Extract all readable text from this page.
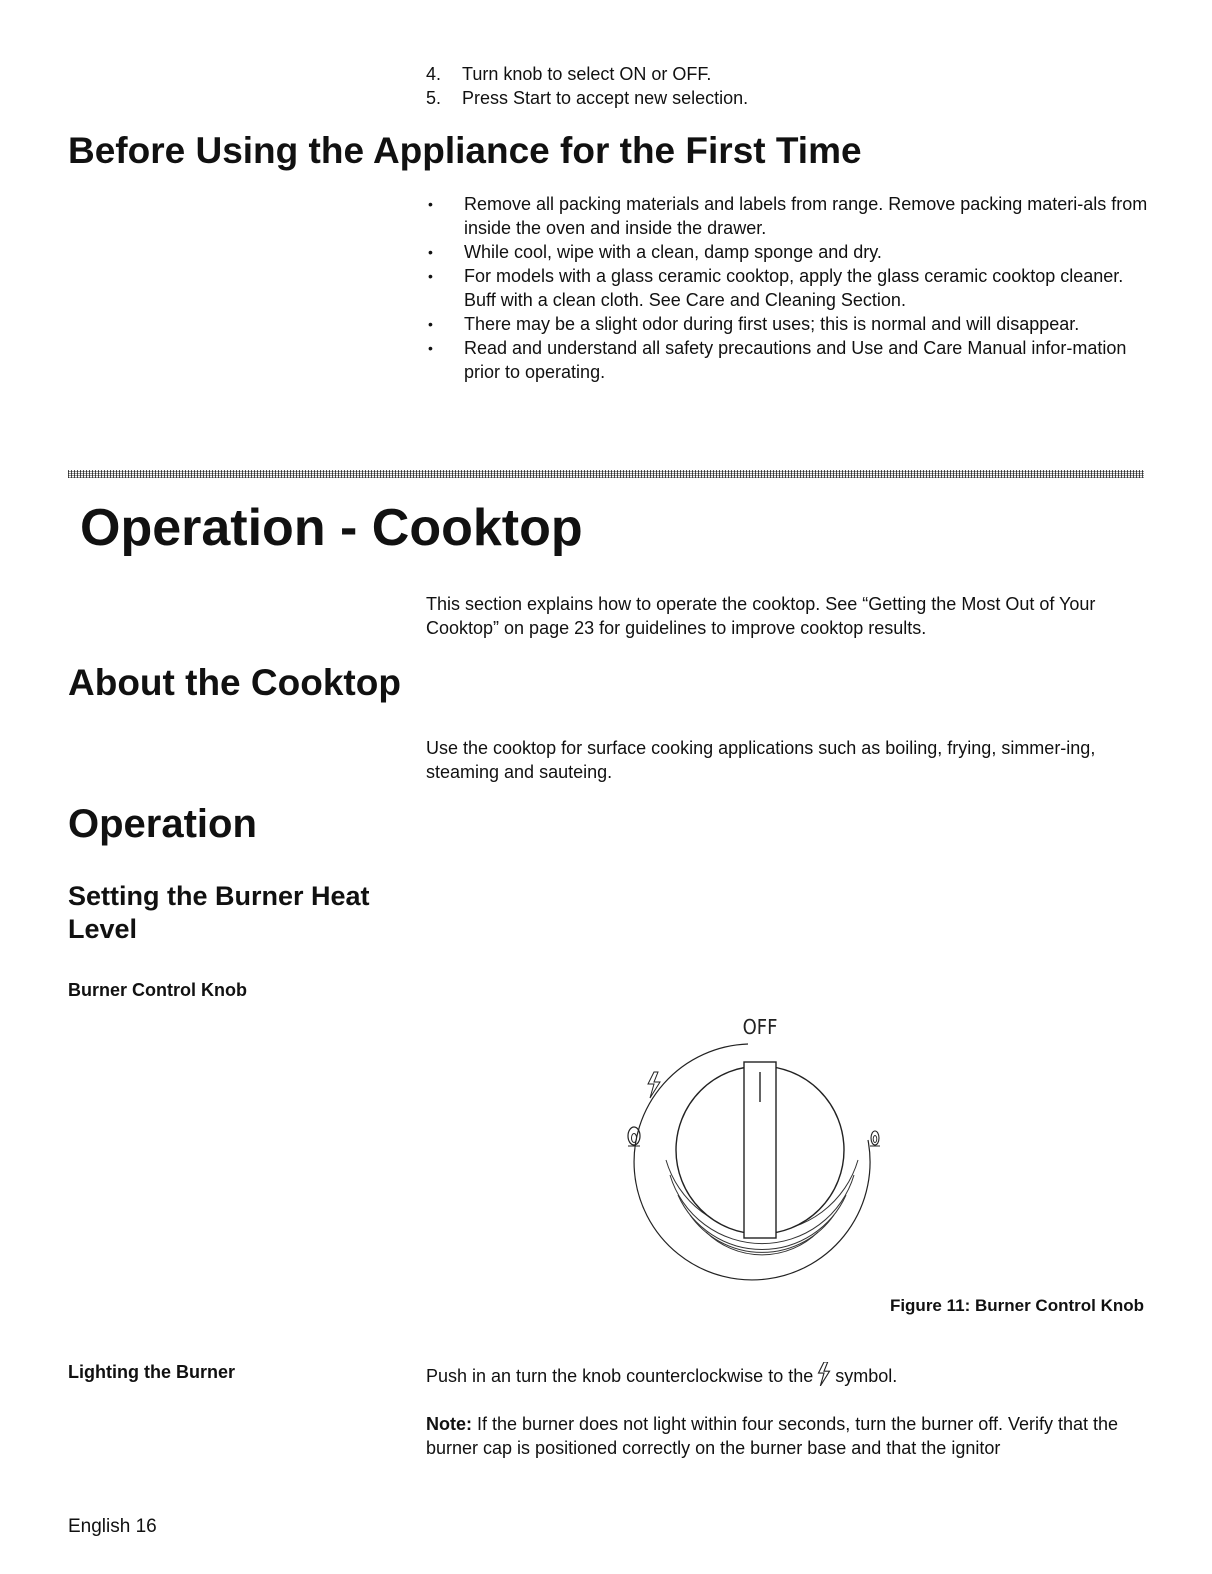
4.	Turn knob to select ON or OFF.
5.	Press Start to accept new selection.
Before Using the Appliance for the First Time
•	Remove all packing materials and labels from range. Remove packing materi-als from inside the oven and inside the drawer.
•	While cool, wipe with a clean, damp sponge and dry.
•	For models with a glass ceramic cooktop, apply the glass ceramic cooktop cleaner. Buff with a clean cloth. See Care and Cleaning Section.
•	There may be a slight odor during first uses; this is normal and will disappear.
•	Read and understand all safety precautions and Use and Care Manual infor-mation prior to operating.
Operation - Cooktop

This section explains how to operate the cooktop. See “Getting the Most Out of Your Cooktop” on page 23 for guidelines to improve cooktop results.

About the Cooktop

Use the cooktop for surface cooking applications such as boiling, frying, simmer-ing, steaming and sauteing.

Operation
Setting the Burner Heat Level
Burner Control Knob
OFF
Figure 11: Burner Control Knob
Lighting the Burner	Push in an turn the knob counterclockwise to the symbol.

Note: If the burner does not light within four seconds, turn the burner off. Verify that the burner cap is positioned correctly on the burner base and that the ignitor

English 16
